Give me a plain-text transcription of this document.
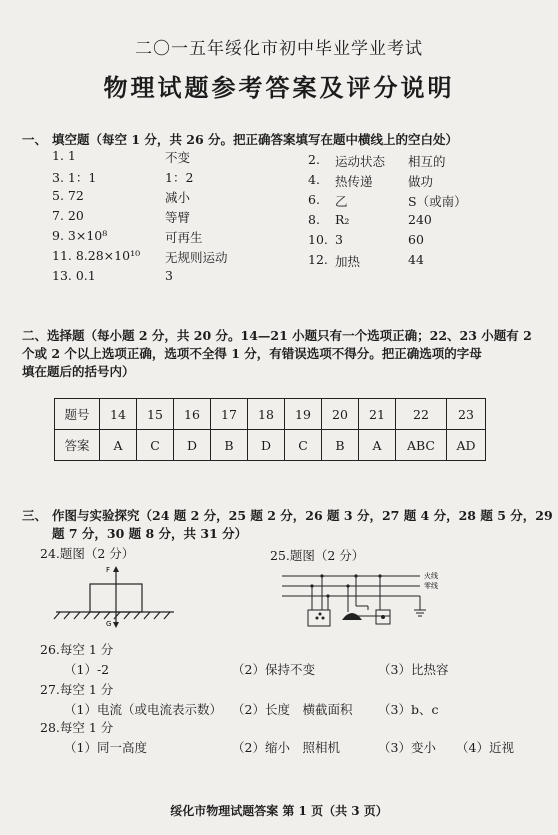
二〇一五年绥化市初中毕业学业考试
物理试题参考答案及评分说明
一、 填空题（每空 1 分，共 26 分。把正确答案填写在题中横线上的空白处）
1. 1	不变
3. 1：1	1：2
5. 72	减小
7. 20	等臂
9. 3×10⁸	可再生
11. 8.28×10¹⁰ 无规则运动
13. 0.1	3
2. 运动状态 相互的
4. 热传递	做功
6. 乙	S（或南）
8. R₂	240
10. 3	60
12. 加热	44
二、选择题（每小题 2 分，共 20 分。14—21 小题只有一个选项正确；22、23 小题有 2
个或 2 个以上选项正确，选项不全得 1 分，有错误选项不得分。把正确选项的字母
填在题后的括号内）
题号	14	15	16	17	18	19	20	21	22	23
答案	A	C	D	B	D	C	B	A	ABC	AD
三、 作图与实验探究（24 题 2 分，25 题 2 分，26 题 3 分，27 题 4 分，28 题 5 分，29
题 7 分，30 题 8 分，共 31 分）
24.题图（2 分）	25.题图（2 分）
F
G
火线
零线
26.每空 1 分
（1）-2	（2）保持不变	（3）比热容
27.每空 1 分
（1）电流（或电流表示数） （2）长度　横截面积 （3）b、c
28.每空 1 分
（1）同一高度	（2）缩小　照相机	（3）变小 （4）近视
绥化市物理试题答案 第 1 页（共 3 页）
